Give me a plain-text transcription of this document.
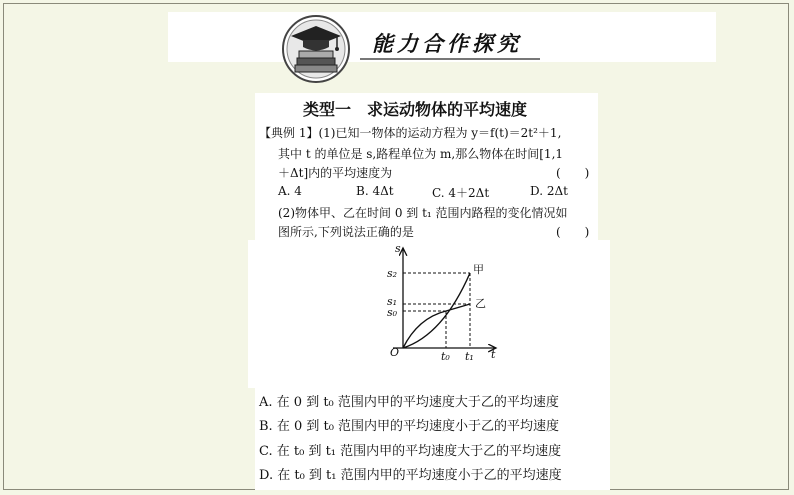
能力合作探究
类型一　求运动物体的平均速度
【典例 1】(1)已知一物体的运动方程为 y＝f(t)＝2t²＋1,
其中 t 的单位是 s,路程单位为 m,那么物体在时间[1,1
＋Δt]内的平均速度为	(　　)
A. 4	B. 4Δt	C. 4＋2Δt	D. 2Δt
(2)物体甲、乙在时间 0 到 t₁ 范围内路程的变化情况如
图所示,下列说法正确的是	(　　)
s
t
O
s₂
s₁
s₀
t₀ t₁
甲
乙
A. 在 0 到 t₀ 范围内甲的平均速度大于乙的平均速度
B. 在 0 到 t₀ 范围内甲的平均速度小于乙的平均速度
C. 在 t₀ 到 t₁ 范围内甲的平均速度大于乙的平均速度
D. 在 t₀ 到 t₁ 范围内甲的平均速度小于乙的平均速度
